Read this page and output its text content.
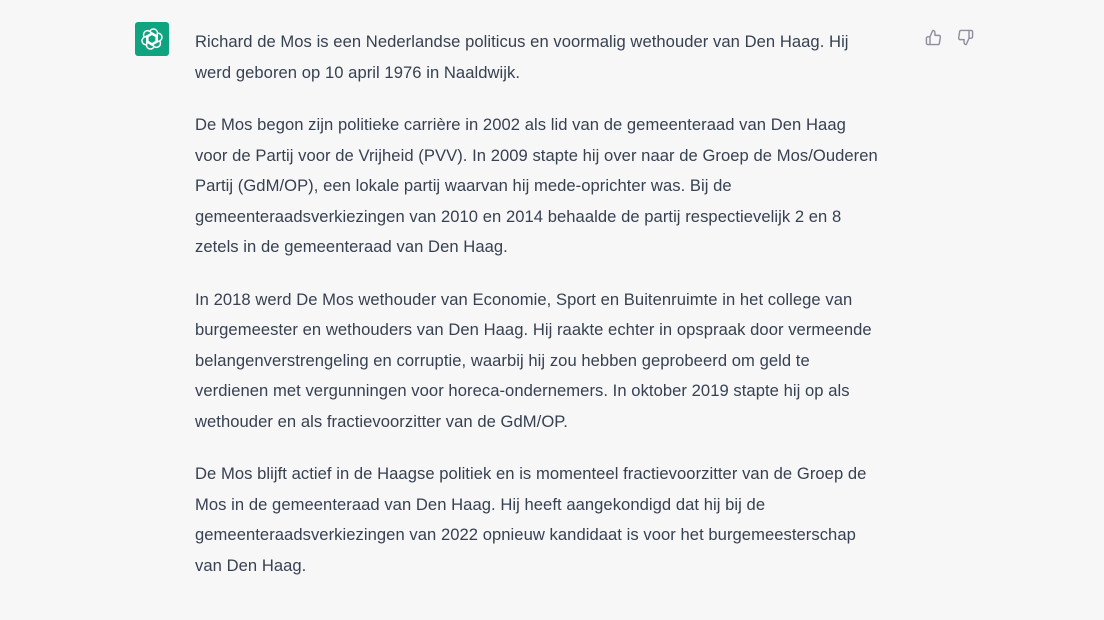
Richard de Mos is een Nederlandse politicus en voormalig wethouder van Den Haag. Hij
werd geboren op 10 april 1976 in Naaldwijk.

De Mos begon zijn politieke carrière in 2002 als lid van de gemeenteraad van Den Haag
voor de Partij voor de Vrijheid (PVV). In 2009 stapte hij over naar de Groep de Mos/Ouderen
Partij (GdM/OP), een lokale partij waarvan hij mede-oprichter was. Bij de
gemeenteraadsverkiezingen van 2010 en 2014 behaalde de partij respectievelijk 2 en 8
zetels in de gemeenteraad van Den Haag.

In 2018 werd De Mos wethouder van Economie, Sport en Buitenruimte in het college van
burgemeester en wethouders van Den Haag. Hij raakte echter in opspraak door vermeende
belangenverstrengeling en corruptie, waarbij hij zou hebben geprobeerd om geld te
verdienen met vergunningen voor horeca-ondernemers. In oktober 2019 stapte hij op als
wethouder en als fractievoorzitter van de GdM/OP.

De Mos blijft actief in de Haagse politiek en is momenteel fractievoorzitter van de Groep de
Mos in de gemeenteraad van Den Haag. Hij heeft aangekondigd dat hij bij de
gemeenteraadsverkiezingen van 2022 opnieuw kandidaat is voor het burgemeesterschap
van Den Haag.
